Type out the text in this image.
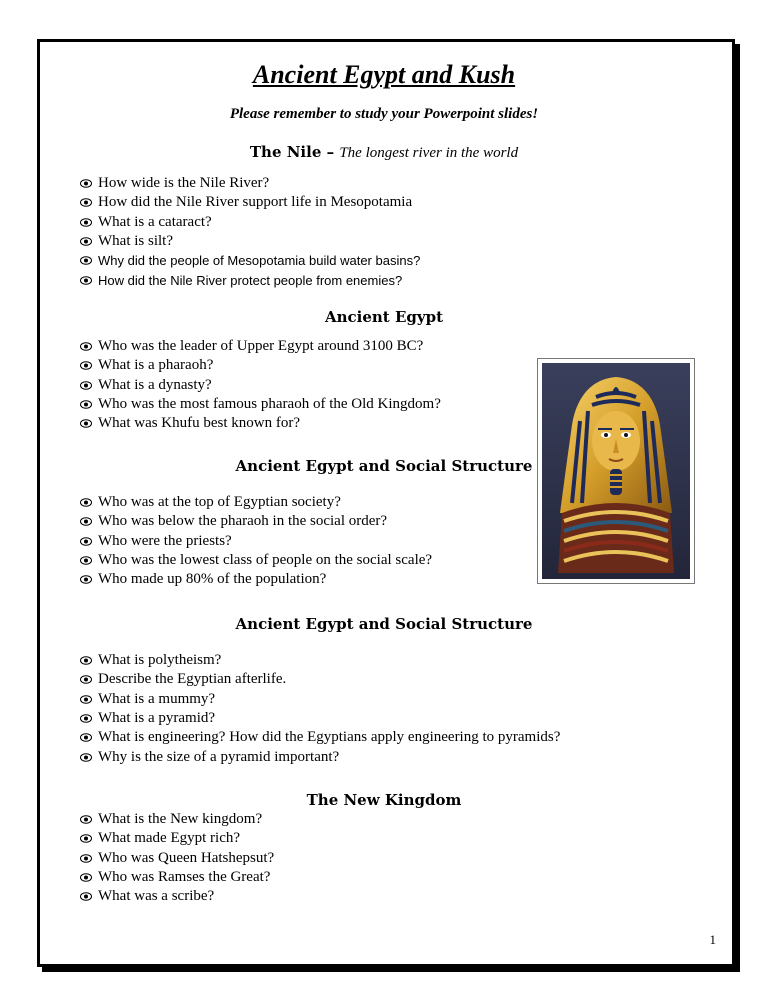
Ancient Egypt and Kush
Please remember to study your Powerpoint slides!
The Nile – The longest river in the world
How wide is the Nile River?
How did the Nile River support life in Mesopotamia
What is a cataract?
What is silt?
Why did the people of Mesopotamia build water basins?
How did the Nile River protect people from enemies?
Ancient Egypt
Who was the leader of Upper Egypt around 3100 BC?
What is a pharaoh?
What is a dynasty?
Who was the most famous pharaoh of the Old Kingdom?
What was Khufu best known for?
Ancient Egypt and Social Structure
Who was at the top of Egyptian society?
Who was below the pharaoh in the social order?
Who were the priests?
Who was the lowest class of people on the social scale?
Who made up 80% of the population?
Ancient Egypt and Social Structure
What is polytheism?
Describe the Egyptian afterlife.
What is a mummy?
What is a pyramid?
What is engineering? How did the Egyptians apply engineering to pyramids?
Why is the size of a pyramid important?
The New Kingdom
What is the New kingdom?
What made Egypt rich?
Who was Queen Hatshepsut?
Who was Ramses the Great?
What was a scribe?
1
